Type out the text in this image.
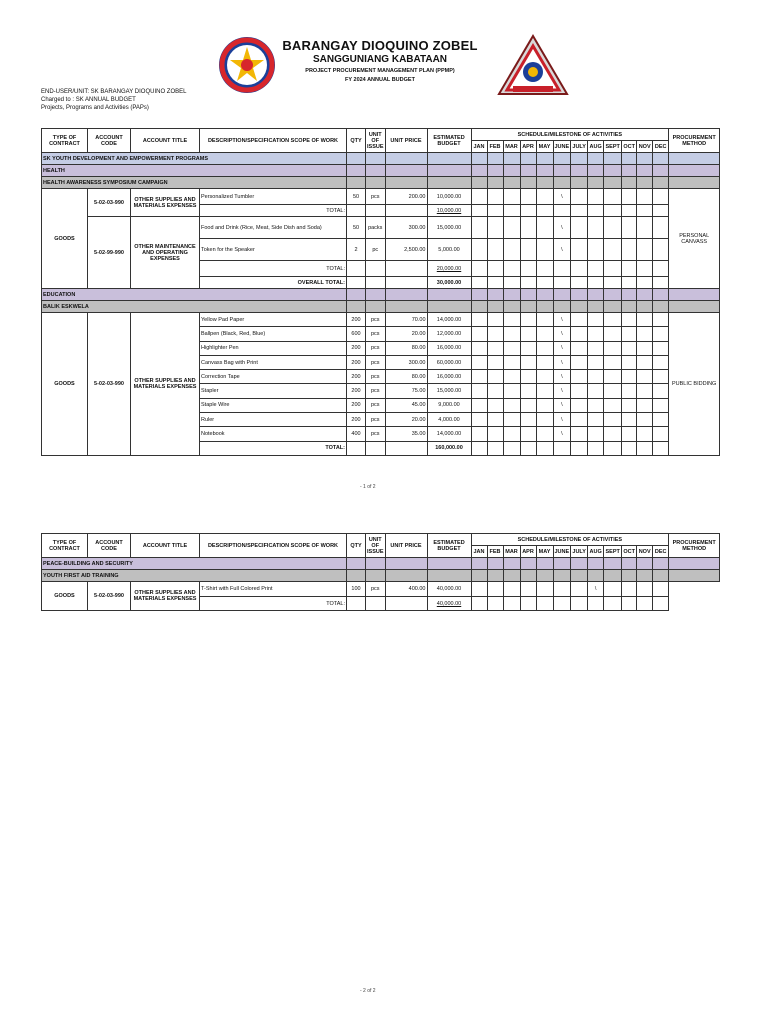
BARANGAY DIOQUINO ZOBEL
SANGGUNIANG KABATAAN
PROJECT PROCUREMENT MANAGEMENT PLAN (PPMP)
FY 2024 ANNUAL BUDGET
END-USER/UNIT: SK BARANGAY DIOQUINO ZOBEL
Charged to : SK ANNUAL BUDGET
Projects, Programs and Activities (PAPs)
TYPE OF CONTRACT	ACCOUNT CODE	ACCOUNT TITLE	DESCRIPTION/SPECIFICATION SCOPE OF WORK	QTY	UNIT OF ISSUE	UNIT PRICE	ESTIMATED BUDGET	SCHEDULE/MILESTONE OF ACTIVITIES												PROCUREMENT METHOD
								JAN	FEB	MAR	APR	MAY	JUNE	JULY	AUG	SEPT	OCT	NOV	DEC	
SK YOUTH DEVELOPMENT AND EMPOWERMENT PROGRAMS																				
HEALTH																				
HEALTH AWARENESS SYMPOSIUM CAMPAIGN																				
GOODS	5-02-03-990	OTHER SUPPLIES AND MATERIALS EXPENSES	Personalized Tumbler	50	pcs	200.00	10,000.00						\							PERSONAL CANVASS
			TOTAL:				10,000.00													
	5-02-99-990	OTHER MAINTENANCE AND OPERATING EXPENSES	Food and Drink (Rice, Meat, Side Dish and Soda)	50	packs	300.00	15,000.00						\							
			Token for the Speaker	2	pc	2,500.00	5,000.00						\							
			TOTAL:				20,000.00													
			OVERALL TOTAL:				30,000.00													
EDUCATION																				
BALIK ESKWELA																				
GOODS	5-02-03-990	OTHER SUPPLIES AND MATERIALS EXPENSES	Yellow Pad Paper	200	pcs	70.00	14,000.00						\							PUBLIC BIDDING
			Ballpen (Black, Red, Blue)	600	pcs	20.00	12,000.00						\							
			Highlighter Pen	200	pcs	80.00	16,000.00						\							
			Canvass Bag with Print	200	pcs	300.00	60,000.00						\							
			Correction Tape	200	pcs	80.00	16,000.00						\							
			Stapler	200	pcs	75.00	15,000.00						\							
			Staple Wire	200	pcs	45.00	9,000.00						\							
			Ruler	200	pcs	20.00	4,000.00						\							
			Notebook	400	pcs	35.00	14,000.00						\							
			TOTAL:				160,000.00													
- 1 of 2
TYPE OF CONTRACT	ACCOUNT CODE	ACCOUNT TITLE	DESCRIPTION/SPECIFICATION SCOPE OF WORK	QTY	UNIT OF ISSUE	UNIT PRICE	ESTIMATED BUDGET	SCHEDULE/MILESTONE OF ACTIVITIES												PROCUREMENT METHOD
								JAN	FEB	MAR	APR	MAY	JUNE	JULY	AUG	SEPT	OCT	NOV	DEC	
PEACE-BUILDING AND SECURITY																				
YOUTH FIRST AID TRAINING																				
GOODS	5-02-03-990	OTHER SUPPLIES AND MATERIALS EXPENSES	T-Shirt with Full Colored Print	100	pcs	400.00	40,000.00								\					
			TOTAL:				40,000.00													
- 2 of 2
